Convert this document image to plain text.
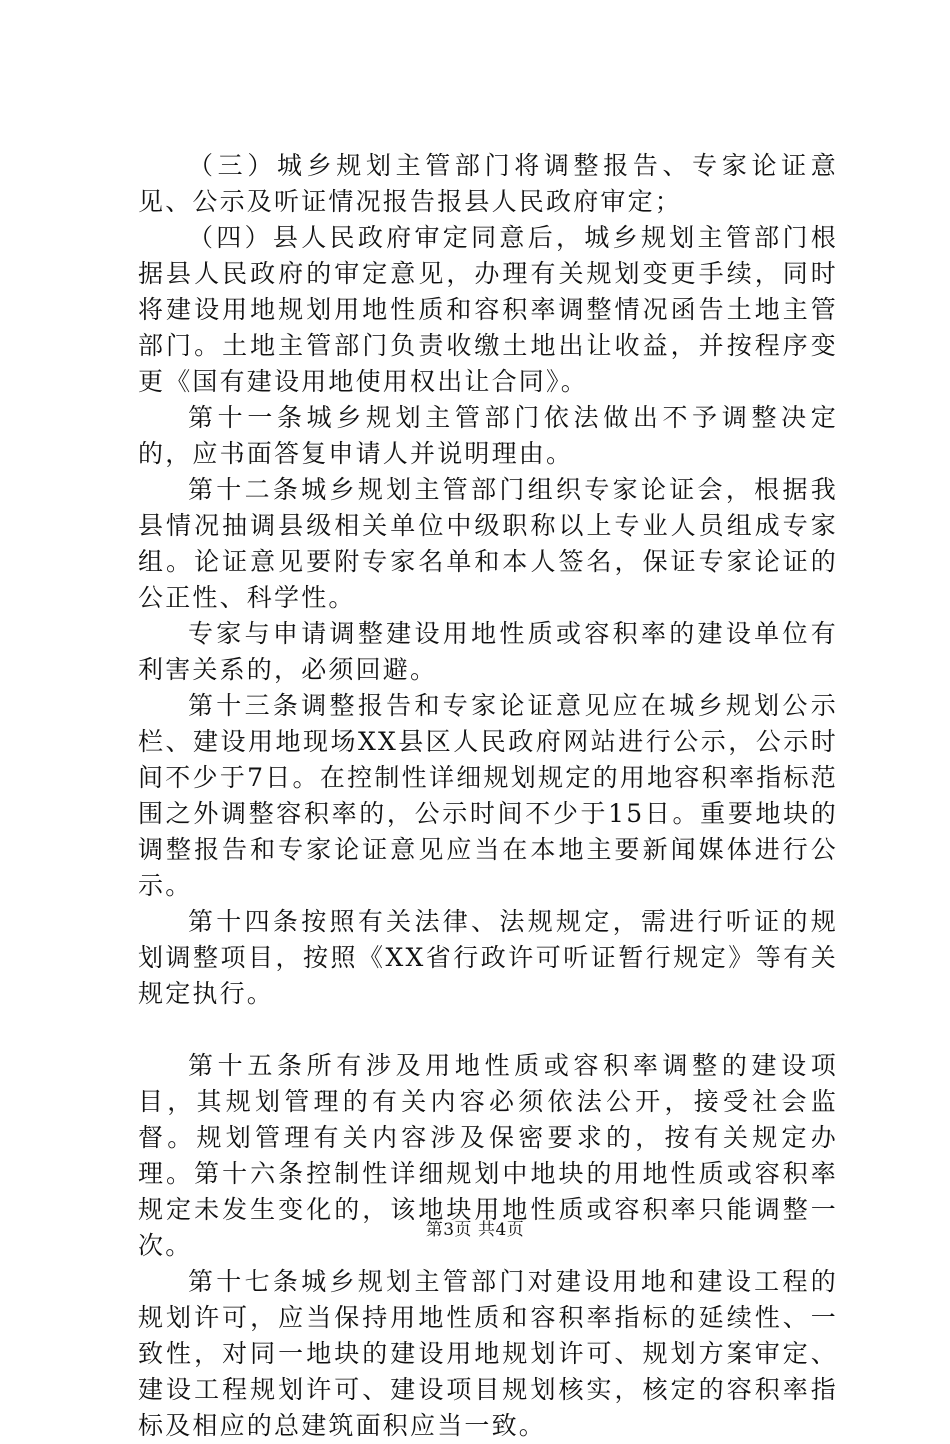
（三）城乡规划主管部门将调整报告、专家论证意见、公示及听证情况报告报县人民政府审定；

（四）县人民政府审定同意后，城乡规划主管部门根据县人民政府的审定意见，办理有关规划变更手续，同时将建设用地规划用地性质和容积率调整情况函告土地主管部门。土地主管部门负责收缴土地出让收益，并按程序变更《国有建设用地使用权出让合同》。

第十一条城乡规划主管部门依法做出不予调整决定的，应书面答复申请人并说明理由。

第十二条城乡规划主管部门组织专家论证会，根据我县情况抽调县级相关单位中级职称以上专业人员组成专家组。论证意见要附专家名单和本人签名，保证专家论证的公正性、科学性。

专家与申请调整建设用地性质或容积率的建设单位有利害关系的，必须回避。

第十三条调整报告和专家论证意见应在城乡规划公示栏、建设用地现场XX县区人民政府网站进行公示，公示时间不少于7日。在控制性详细规划规定的用地容积率指标范围之外调整容积率的，公示时间不少于15日。重要地块的调整报告和专家论证意见应当在本地主要新闻媒体进行公示。

第十四条按照有关法律、法规规定，需进行听证的规划调整项目，按照《XX省行政许可听证暂行规定》等有关规定执行。

第十五条所有涉及用地性质或容积率调整的建设项目，其规划管理的有关内容必须依法公开，接受社会监督。规划管理有关内容涉及保密要求的，按有关规定办理。第十六条控制性详细规划中地块的用地性质或容积率规定未发生变化的，该地块用地性质或容积率只能调整一次。

第十七条城乡规划主管部门对建设用地和建设工程的规划许可，应当保持用地性质和容积率指标的延续性、一致性，对同一地块的建设用地规划许可、规划方案审定、建设工程规划许可、建设项目规划核实，核定的容积率指标及相应的总建筑面积应当一致。

第3页 共4页
